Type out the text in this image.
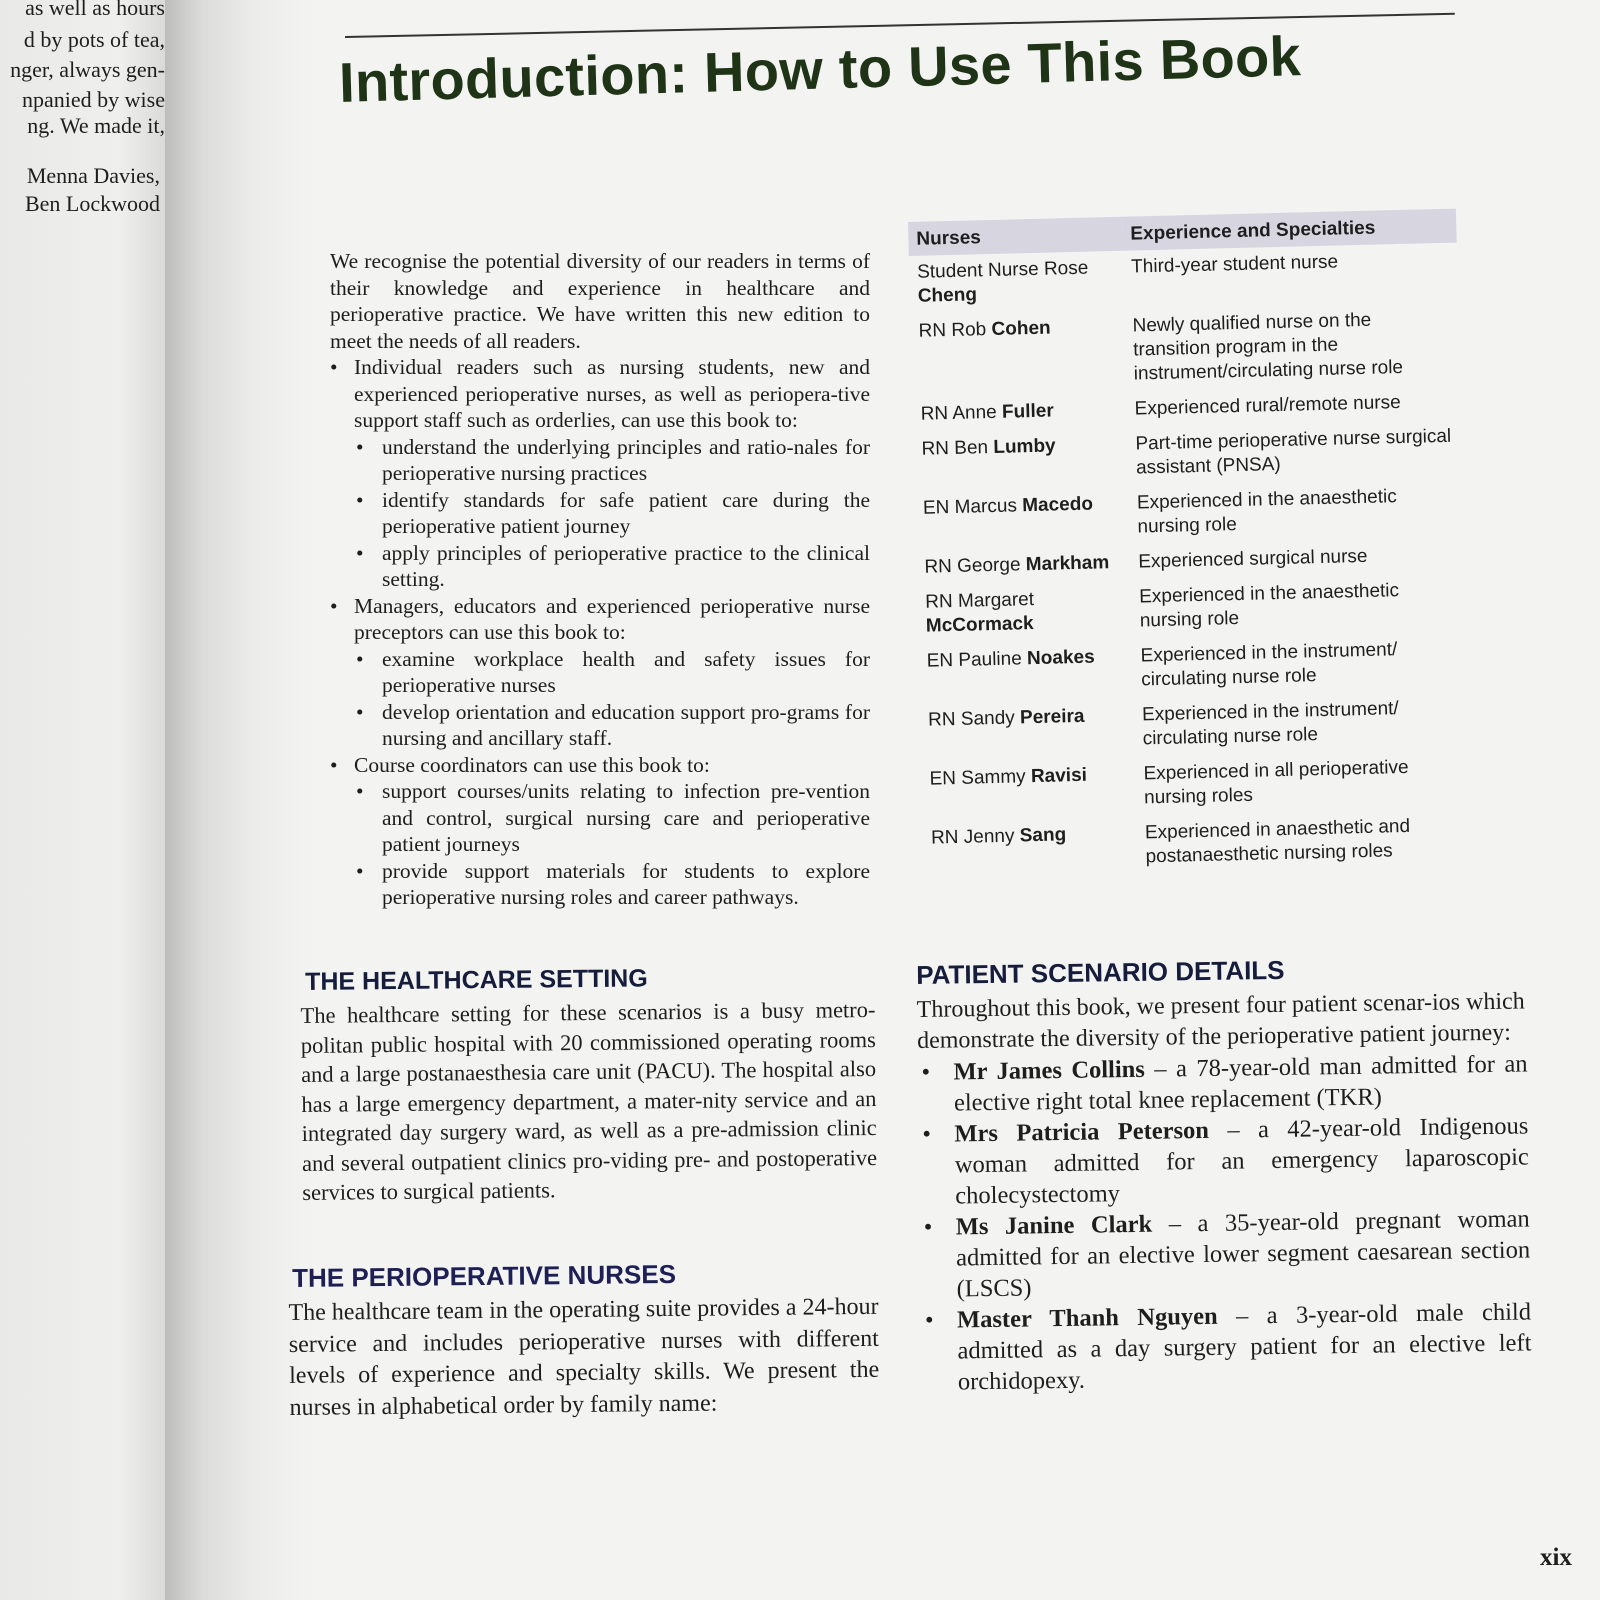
as well as hours
d by pots of tea,
nger, always gen-
npanied by wise
ng. We made it,
Menna Davies,
Ben Lockwood
Introduction: How to Use This Book

We recognise the potential diversity of our readers in terms of their knowledge and experience in healthcare and perioperative practice. We have written this new edition to meet the needs of all readers.

• Individual readers such as nursing students, new and experienced perioperative nurses, as well as periopera-tive support staff such as orderlies, can use this book to:
• understand the underlying principles and ratio-nales for perioperative nursing practices
• identify standards for safe patient care during the perioperative patient journey
• apply principles of perioperative practice to the clinical setting.
• Managers, educators and experienced perioperative nurse preceptors can use this book to:
• examine workplace health and safety issues for perioperative nurses
• develop orientation and education support pro-grams for nursing and ancillary staff.
• Course coordinators can use this book to:
• support courses/units relating to infection pre-vention and control, surgical nursing care and perioperative patient journeys
• provide support materials for students to explore perioperative nursing roles and career pathways.
Nurses	Experience and Specialties
Student Nurse Rose Cheng	Third-year student nurse
RN Rob Cohen	Newly qualified nurse on the transition program in the instrument/circulating nurse role
RN Anne Fuller	Experienced rural/remote nurse
RN Ben Lumby	Part-time perioperative nurse surgical assistant (PNSA)
EN Marcus Macedo	Experienced in the anaesthetic nursing role
RN George Markham	Experienced surgical nurse
RN Margaret McCormack	Experienced in the anaesthetic nursing role
EN Pauline Noakes	Experienced in the instrument/ circulating nurse role
RN Sandy Pereira	Experienced in the instrument/ circulating nurse role
EN Sammy Ravisi	Experienced in all perioperative nursing roles
RN Jenny Sang	Experienced in anaesthetic and postanaesthetic nursing roles
THE HEALTHCARE SETTING

The healthcare setting for these scenarios is a busy metro-politan public hospital with 20 commissioned operating rooms and a large postanaesthesia care unit (PACU). The hospital also has a large emergency department, a mater-nity service and an integrated day surgery ward, as well as a pre-admission clinic and several outpatient clinics pro-viding pre- and postoperative services to surgical patients.

THE PERIOPERATIVE NURSES

The healthcare team in the operating suite provides a 24-hour service and includes perioperative nurses with different levels of experience and specialty skills. We present the nurses in alphabetical order by family name:

PATIENT SCENARIO DETAILS

Throughout this book, we present four patient scenar-ios which demonstrate the diversity of the perioperative patient journey:

• Mr James Collins – a 78-year-old man admitted for an elective right total knee replacement (TKR)
• Mrs Patricia Peterson – a 42-year-old Indigenous woman admitted for an emergency laparoscopic cholecystectomy
• Ms Janine Clark – a 35-year-old pregnant woman admitted for an elective lower segment caesarean section (LSCS)
• Master Thanh Nguyen – a 3-year-old male child admitted as a day surgery patient for an elective left orchidopexy.
xix
